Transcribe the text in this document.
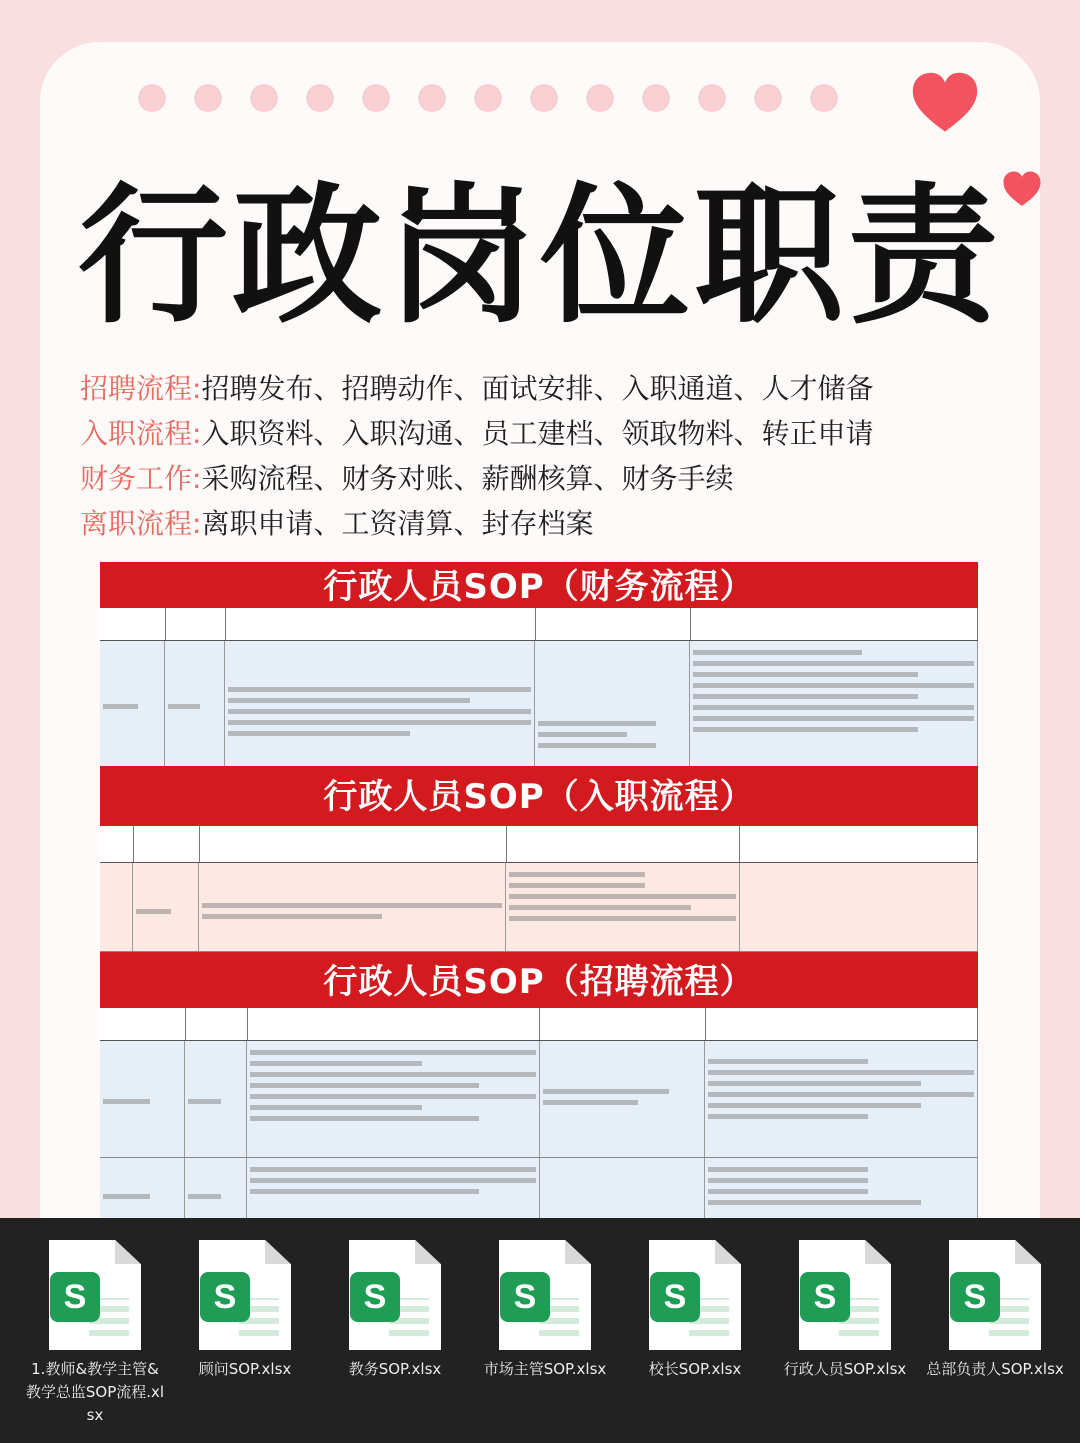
行政岗位职责
招聘流程:招聘发布、招聘动作、面试安排、入职通道、人才储备
入职流程:入职资料、入职沟通、员工建档、领取物料、转正申请
财务工作:采购流程、财务对账、薪酬核算、财务手续
离职流程:离职申请、工资清算、封存档案
行政人员SOP（财务流程）
行政人员SOP（入职流程）
行政人员SOP（招聘流程）
S
1.教师&教学主管&教学总监SOP流程.xlsx
S
顾问SOP.xlsx
S
教务SOP.xlsx
S
市场主管SOP.xlsx
S
校长SOP.xlsx
S
行政人员SOP.xlsx
S
总部负责人SOP.xlsx
